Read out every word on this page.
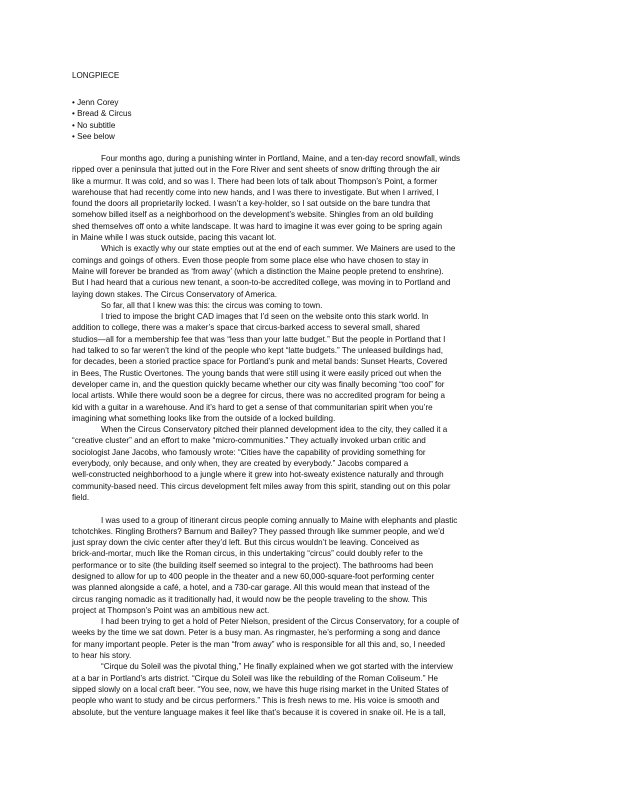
LONGPIECE
• Jenn Corey
• Bread & Circus
• No subtitle
• See below
Four months ago, during a punishing winter in Portland, Maine, and a ten-day record snowfall, winds
ripped over a peninsula that jutted out in the Fore River and sent sheets of snow drifting through the air
like a murmur. It was cold, and so was I. There had been lots of talk about Thompson’s Point, a former
warehouse that had recently come into new hands, and I was there to investigate. But when I arrived, I
found the doors all proprietarily locked. I wasn’t a key-holder, so I sat outside on the bare tundra that
somehow billed itself as a neighborhood on the development’s website. Shingles from an old building
shed themselves off onto a white landscape. It was hard to imagine it was ever going to be spring again
in Maine while I was stuck outside, pacing this vacant lot.
Which is exactly why our state empties out at the end of each summer. We Mainers are used to the
comings and goings of others. Even those people from some place else who have chosen to stay in
Maine will forever be branded as ‘from away’ (which a distinction the Maine people pretend to enshrine).
But I had heard that a curious new tenant, a soon-to-be accredited college, was moving in to Portland and
laying down stakes. The Circus Conservatory of America.
So far, all that I knew was this: the circus was coming to town.
I tried to impose the bright CAD images that I’d seen on the website onto this stark world. In
addition to college, there was a maker’s space that circus-barked access to several small, shared
studios—all for a membership fee that was “less than your latte budget.” But the people in Portland that I
had talked to so far weren’t the kind of the people who kept “latte budgets.” The unleased buildings had,
for decades, been a storied practice space for Portland’s punk and metal bands: Sunset Hearts, Covered
in Bees, The Rustic Overtones. The young bands that were still using it were easily priced out when the
developer came in, and the question quickly became whether our city was finally becoming “too cool” for
local artists. While there would soon be a degree for circus, there was no accredited program for being a
kid with a guitar in a warehouse. And it’s hard to get a sense of that communitarian spirit when you’re
imagining what something looks like from the outside of a locked building.
When the Circus Conservatory pitched their planned development idea to the city, they called it a
“creative cluster” and an effort to make “micro-communities.” They actually invoked urban critic and
sociologist Jane Jacobs, who famously wrote: “Cities have the capability of providing something for
everybody, only because, and only when, they are created by everybody.” Jacobs compared a
well-constructed neighborhood to a jungle where it grew into hot-sweaty existence naturally and through
community-based need. This circus development felt miles away from this spirit, standing out on this polar
field.
I was used to a group of itinerant circus people coming annually to Maine with elephants and plastic
tchotchkes. Ringling Brothers? Barnum and Bailey? They passed through like summer people, and we’d
just spray down the civic center after they’d left. But this circus wouldn’t be leaving. Conceived as
brick-and-mortar, much like the Roman circus, in this undertaking “circus” could doubly refer to the
performance or to site (the building itself seemed so integral to the project). The bathrooms had been
designed to allow for up to 400 people in the theater and a new 60,000-square-foot performing center
was planned alongside a café, a hotel, and a 730-car garage. All this would mean that instead of the
circus ranging nomadic as it traditionally had, it would now be the people traveling to the show. This
project at Thompson’s Point was an ambitious new act.
I had been trying to get a hold of Peter Nielson, president of the Circus Conservatory, for a couple of
weeks by the time we sat down. Peter is a busy man. As ringmaster, he’s performing a song and dance
for many important people. Peter is the man “from away” who is responsible for all this and, so, I needed
to hear his story.
“Cirque du Soleil was the pivotal thing,” He finally explained when we got started with the interview
at a bar in Portland’s arts district. “Cirque du Soleil was like the rebuilding of the Roman Coliseum.” He
sipped slowly on a local craft beer. “You see, now, we have this huge rising market in the United States of
people who want to study and be circus performers.” This is fresh news to me. His voice is smooth and
absolute, but the venture language makes it feel like that’s because it is covered in snake oil. He is a tall,
